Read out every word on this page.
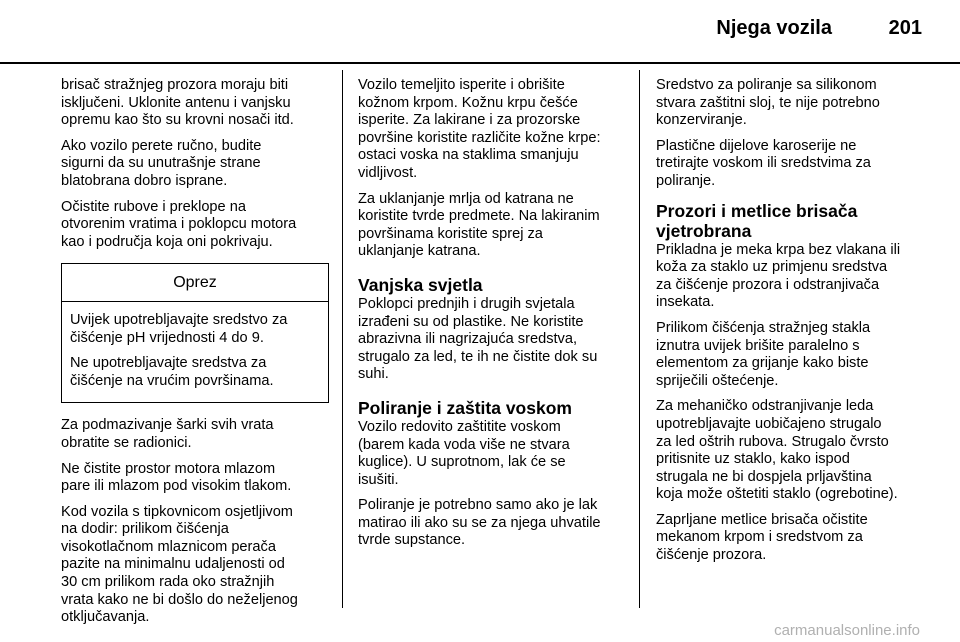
Njega vozila	201

brisač stražnjeg prozora moraju biti
isključeni. Uklonite antenu i vanjsku
opremu kao što su krovni nosači itd.

Ako vozilo perete ručno, budite
sigurni da su unutrašnje strane
blatobrana dobro isprane.

Očistite rubove i preklope na
otvorenim vratima i poklopcu motora
kao i područja koja oni pokrivaju.

Oprez

Uvijek upotrebljavajte sredstvo za
čišćenje pH vrijednosti 4 do 9.

Ne upotrebljavajte sredstva za
čišćenje na vrućim površinama.

Za podmazivanje šarki svih vrata
obratite se radionici.

Ne čistite prostor motora mlazom
pare ili mlazom pod visokim tlakom.

Kod vozila s tipkovnicom osjetljivom
na dodir: prilikom čišćenja
visokotlačnom mlaznicom perača
pazite na minimalnu udaljenosti od
30 cm prilikom rada oko stražnjih
vrata kako ne bi došlo do neželjenog
otključavanja.

Vozilo temeljito isperite i obrišite
kožnom krpom. Kožnu krpu češće
isperite. Za lakirane i za prozorske
površine koristite različite kožne krpe:
ostaci voska na staklima smanjuju
vidljivost.

Za uklanjanje mrlja od katrana ne
koristite tvrde predmete. Na lakiranim
površinama koristite sprej za
uklanjanje katrana.

Vanjska svjetla

Poklopci prednjih i drugih svjetala
izrađeni su od plastike. Ne koristite
abrazivna ili nagrizajuća sredstva,
strugalo za led, te ih ne čistite dok su
suhi.

Poliranje i zaštita voskom

Vozilo redovito zaštitite voskom
(barem kada voda više ne stvara
kuglice). U suprotnom, lak će se
isušiti.

Poliranje je potrebno samo ako je lak
matirao ili ako su se za njega uhvatile
tvrde supstance.

Sredstvo za poliranje sa silikonom
stvara zaštitni sloj, te nije potrebno
konzerviranje.

Plastične dijelove karoserije ne
tretirajte voskom ili sredstvima za
poliranje.

Prozori i metlice brisača
vjetrobrana

Prikladna je meka krpa bez vlakana ili
koža za staklo uz primjenu sredstva
za čišćenje prozora i odstranjivača
insekata.

Prilikom čišćenja stražnjeg stakla
iznutra uvijek brišite paralelno s
elementom za grijanje kako biste
spriječili oštećenje.

Za mehaničko odstranjivanje leda
upotrebljavajte uobičajeno strugalo
za led oštrih rubova. Strugalo čvrsto
pritisnite uz staklo, kako ispod
strugala ne bi dospjela prljavština
koja može oštetiti staklo (ogrebotine).

Zaprljane metlice brisača očistite
mekanom krpom i sredstvom za
čišćenje prozora.

carmanualsonline.info
